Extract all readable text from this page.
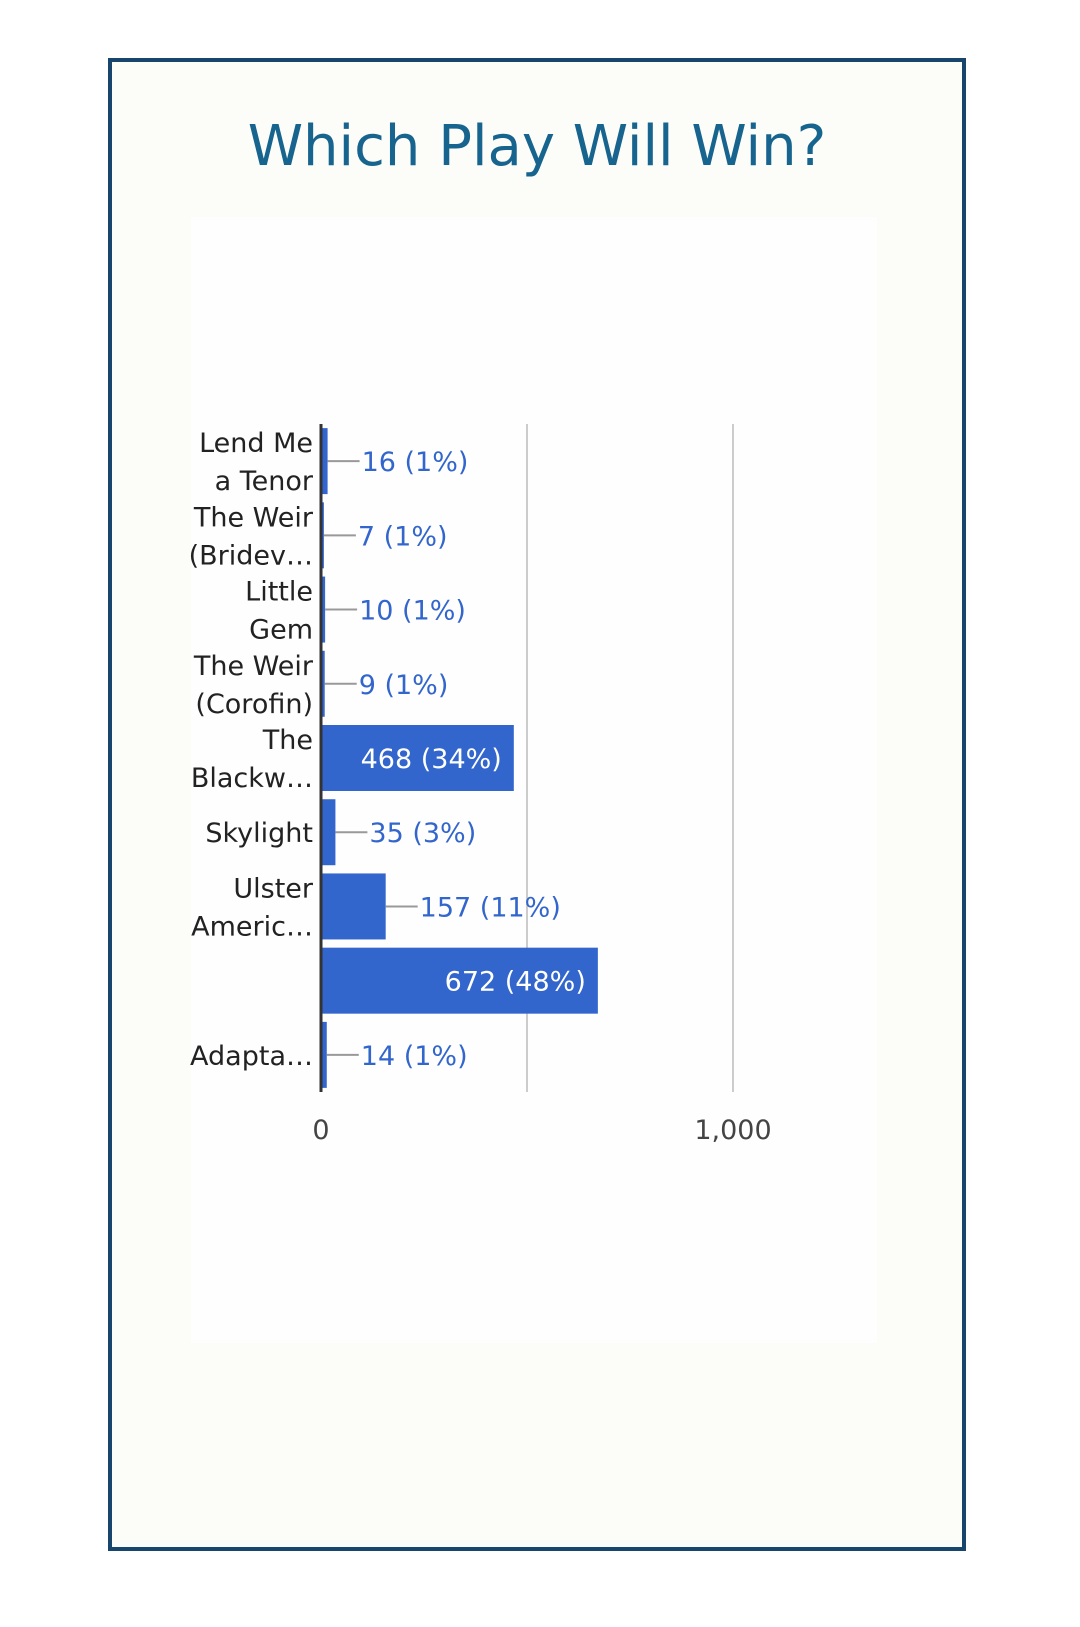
Which Play Will Win?
Lend Me
a Tenor
The Weir
(Bridev…
Little
Gem
The Weir
(Corofin)
The
Blackw…
Skylight
Ulster
Americ…
Adapta…
16 (1%)
7 (1%)
10 (1%)
9 (1%)
468 (34%)
35 (3%)
157 (11%)
672 (48%)
14 (1%)
0	1,000
